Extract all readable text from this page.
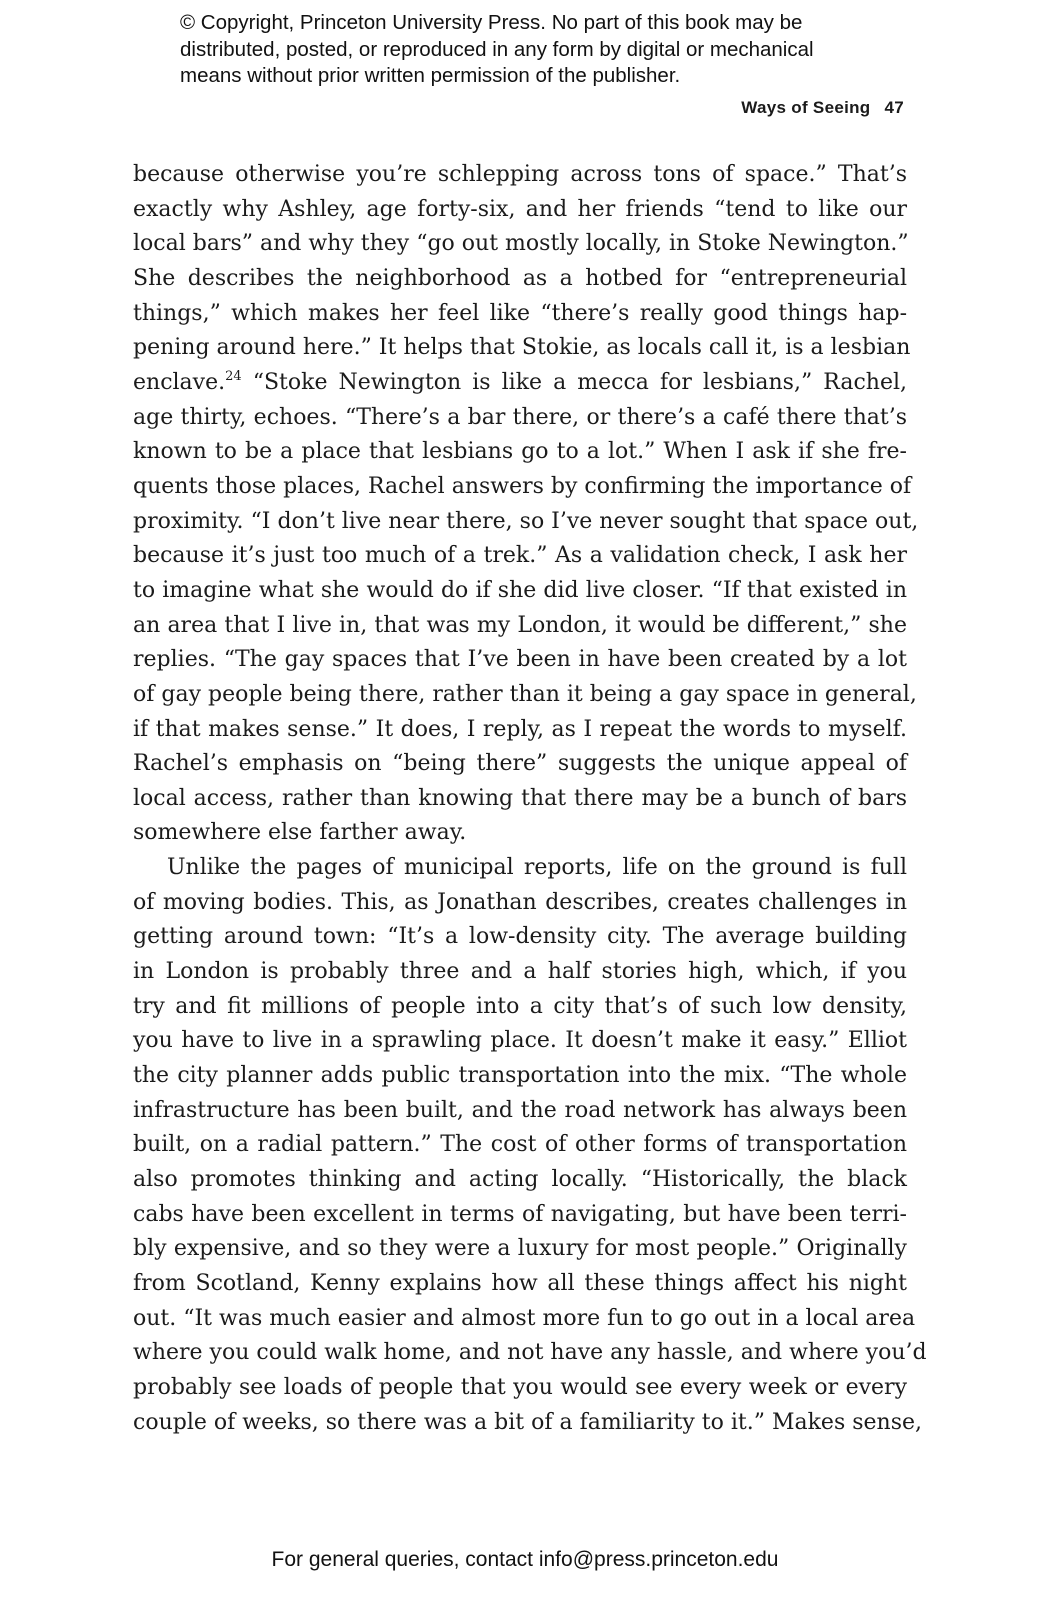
© Copyright, Princeton University Press. No part of this book may be
distributed, posted, or reproduced in any form by digital or mechanical
means without prior written permission of the publisher.
Ways of Seeing 47
because otherwise you’re schlepping across tons of space.” That’s
exactly why Ashley, age forty-six, and her friends “tend to like our
local bars” and why they “go out mostly locally, in Stoke Newington.”
She describes the neighborhood as a hotbed for “entrepreneurial
things,” which makes her feel like “there’s really good things hap-
pening around here.” It helps that Stokie, as locals call it, is a lesbian
enclave.$^{24}$ “Stoke Newington is like a mecca for lesbians,” Rachel,
age thirty, echoes. “There’s a bar there, or there’s a café there that’s
known to be a place that lesbians go to a lot.” When I ask if she fre-
quents those places, Rachel answers by confirming the importance of
proximity. “I don’t live near there, so I’ve never sought that space out,
because it’s just too much of a trek.” As a validation check, I ask her
to imagine what she would do if she did live closer. “If that existed in
an area that I live in, that was my London, it would be different,” she
replies. “The gay spaces that I’ve been in have been created by a lot
of gay people being there, rather than it being a gay space in general,
if that makes sense.” It does, I reply, as I repeat the words to myself.
Rachel’s emphasis on “being there” suggests the unique appeal of
local access, rather than knowing that there may be a bunch of bars
somewhere else farther away.
Unlike the pages of municipal reports, life on the ground is full
of moving bodies. This, as Jonathan describes, creates challenges in
getting around town: “It’s a low-density city. The average building
in London is probably three and a half stories high, which, if you
try and fit millions of people into a city that’s of such low density,
you have to live in a sprawling place. It doesn’t make it easy.” Elliot
the city planner adds public transportation into the mix. “The whole
infrastructure has been built, and the road network has always been
built, on a radial pattern.” The cost of other forms of transportation
also promotes thinking and acting locally. “Historically, the black
cabs have been excellent in terms of navigating, but have been terri-
bly expensive, and so they were a luxury for most people.” Originally
from Scotland, Kenny explains how all these things affect his night
out. “It was much easier and almost more fun to go out in a local area
where you could walk home, and not have any hassle, and where you’d
probably see loads of people that you would see every week or every
couple of weeks, so there was a bit of a familiarity to it.” Makes sense,
For general queries, contact info@press.princeton.edu
